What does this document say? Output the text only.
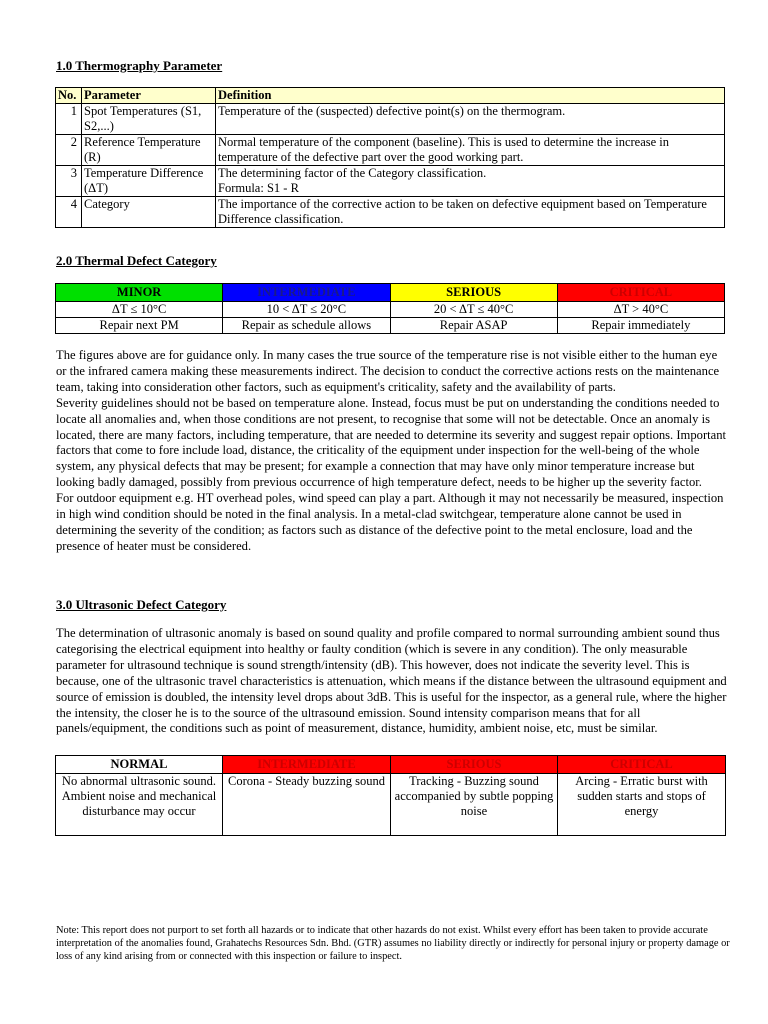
1.0 Thermography Parameter
No.	Parameter	Definition
1	Spot Temperatures (S1, S2,...)	Temperature of the (suspected) defective point(s) on the thermogram.
2	Reference Temperature (R)	Normal temperature of the component (baseline). This is used to determine the increase in temperature of the defective part over the good working part.
3	Temperature Difference (ΔT)	The determining factor of the Category classification.
Formula: S1 - R

4	Category	The importance of the corrective action to be taken on defective equipment based on Temperature Difference classification.
2.0 Thermal Defect Category
MINOR	INTERMEDIATE	SERIOUS	CRITICAL
ΔT ≤ 10°C	10 < ΔT ≤ 20°C	20 < ΔT ≤ 40°C	ΔT > 40°C
Repair next PM	Repair as schedule allows	Repair ASAP	Repair immediately
The figures above are for guidance only. In many cases the true source of the temperature rise is not visible either to the human eye or the infrared camera making these measurements indirect. The decision to conduct the corrective actions rests on the maintenance team, taking into consideration other factors, such as equipment's criticality, safety and the availability of parts.
Severity guidelines should not be based on temperature alone. Instead, focus must be put on understanding the conditions needed to locate all anomalies and, when those conditions are not present, to recognise that some will not be detectable. Once an anomaly is located, there are many factors, including temperature, that are needed to determine its severity and suggest repair options. Important factors that come to fore include load, distance, the criticality of the equipment under inspection for the well-being of the whole system, any physical defects that may be present; for example a connection that may have only minor temperature increase but looking badly damaged, possibly from previous occurrence of high temperature defect, needs to be higher up the severity factor.
For outdoor equipment e.g. HT overhead poles, wind speed can play a part. Although it may not necessarily be measured, inspection in high wind condition should be noted in the final analysis. In a metal-clad switchgear, temperature alone cannot be used in determining the severity of the condition; as factors such as distance of the defective point to the metal enclosure, load and the presence of heater must be considered.
3.0 Ultrasonic Defect Category
The determination of ultrasonic anomaly is based on sound quality and profile compared to normal surrounding ambient sound thus categorising the electrical equipment into healthy or faulty condition (which is severe in any condition). The only measurable parameter for ultrasound technique is sound strength/intensity (dB). This however, does not indicate the severity level. This is because, one of the ultrasonic travel characteristics is attenuation, which means if the distance between the ultrasound equipment and source of emission is doubled, the intensity level drops about 3dB. This is useful for the inspector, as a general rule, where the higher the intensity, the closer he is to the source of the ultrasound emission. Sound intensity comparison means that for all panels/equipment, the conditions such as point of measurement, distance, humidity, ambient noise, etc, must be similar.
NORMAL	INTERMEDIATE	SERIOUS	CRITICAL
No abnormal ultrasonic sound. Ambient noise and mechanical disturbance may occur	Corona - Steady buzzing sound	Tracking - Buzzing sound accompanied by subtle popping noise	Arcing - Erratic burst with sudden starts and stops of energy
Note: This report does not purport to set forth all hazards or to indicate that other hazards do not exist. Whilst every effort has been taken to provide accurate interpretation of the anomalies found, Grahatechs Resources Sdn. Bhd. (GTR) assumes no liability directly or indirectly for personal injury or property damage or loss of any kind arising from or connected with this inspection or failure to inspect.
